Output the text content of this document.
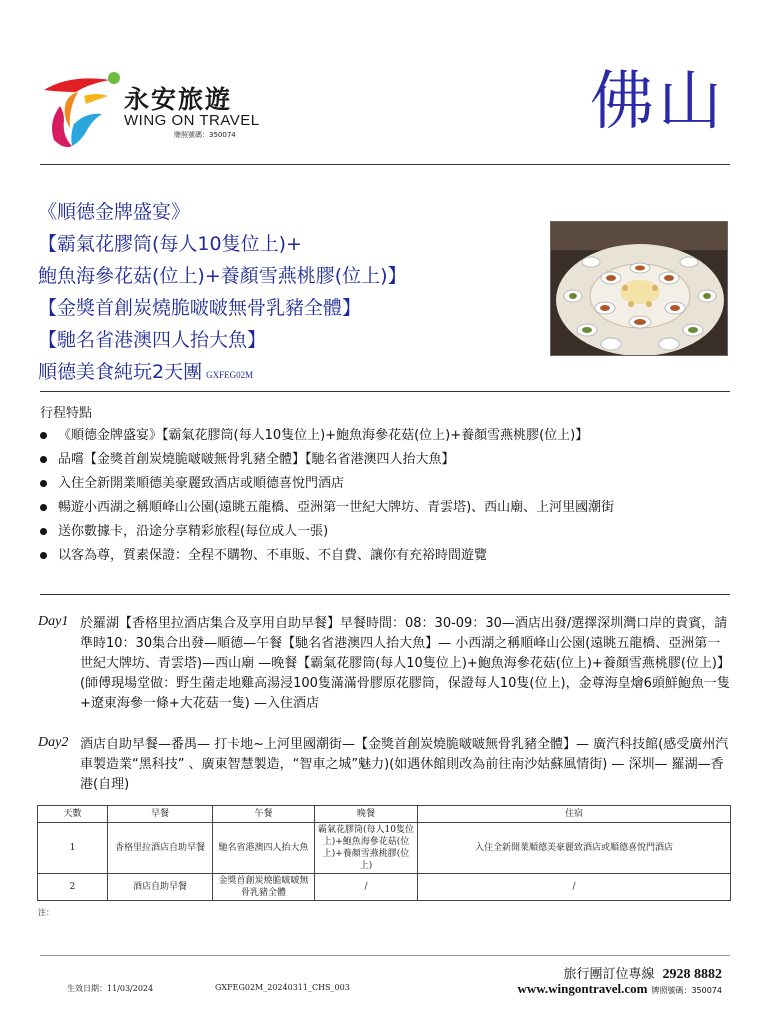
永安旅遊
WING ON TRAVEL
牌照號碼：350074	佛山
《順德金牌盛宴》
【霸氣花膠筒(每人10隻位上)+
鮑魚海參花菇(位上)+養顏雪燕桃膠(位上)】
【金獎首創炭燒脆啵啵無骨乳豬全體】
【馳名省港澳四人抬大魚】
順德美食純玩2天團 GXFEG02M
行程特點
《順德金牌盛宴》【霸氣花膠筒(每人10隻位上)+鮑魚海參花菇(位上)+養顏雪燕桃膠(位上)】
品嚐【金獎首創炭燒脆啵啵無骨乳豬全體】【馳名省港澳四人抬大魚】
入住全新開業順德美豪麗致酒店或順德喜悅門酒店
暢遊小西湖之稱順峰山公園(遠眺五龍橋、亞洲第一世紀大牌坊、青雲塔)、西山廟、上河里國潮街
送你數據卡，沿途分享精彩旅程(每位成人一張)
以客為尊，質素保證：全程不購物、不車販、不自費、讓你有充裕時間遊覽
Day1 於羅湖【香格里拉酒店集合及享用自助早餐】早餐時間：08：30-09：30—酒店出發/選擇深圳灣口岸的貴賓，請準時10：30集合出發—順德—午餐【馳名省港澳四人抬大魚】— 小西湖之稱順峰山公園(遠眺五龍橋、亞洲第一世紀大牌坊、青雲塔)—西山廟 —晚餐【霸氣花膠筒(每人10隻位上)+鮑魚海參花菇(位上)+養顏雪燕桃膠(位上)】(師傅現場堂做：野生菌走地雞高湯浸100隻滿滿骨膠原花膠筒，保證每人10隻(位上)，金尊海皇燴6頭鮮鮑魚一隻+遼東海參一條+大花菇一隻) —入住酒店
Day2 酒店自助早餐—番禺— 打卡地~上河里國潮街—【金獎首創炭燒脆啵啵無骨乳豬全體】— 廣汽科技館(感受廣州汽車製造業“黑科技” 、廣東智慧製造，“智車之城”魅力)(如遇休館則改為前往南沙姑蘇風情街) — 深圳— 羅湖—香港(自理)
天數	早餐	午餐	晚餐	住宿
1	香格里拉酒店自助早餐	馳名省港澳四人抬大魚	霸氣花膠筒(每人10隻位上)+鮑魚海參花菇(位上)+養顏雪燕桃膠(位上)	入住全新開業順德美豪麗致酒店或順德喜悅門酒店
2	酒店自助早餐	金獎首創炭燒脆啵啵無骨乳豬全體	/	/
注：
旅行團訂位專線 2928 8882
www.wingontravel.com 牌照號碼：350074
生效日期：11/03/2024	GXFEG02M_20240311_CHS_003
